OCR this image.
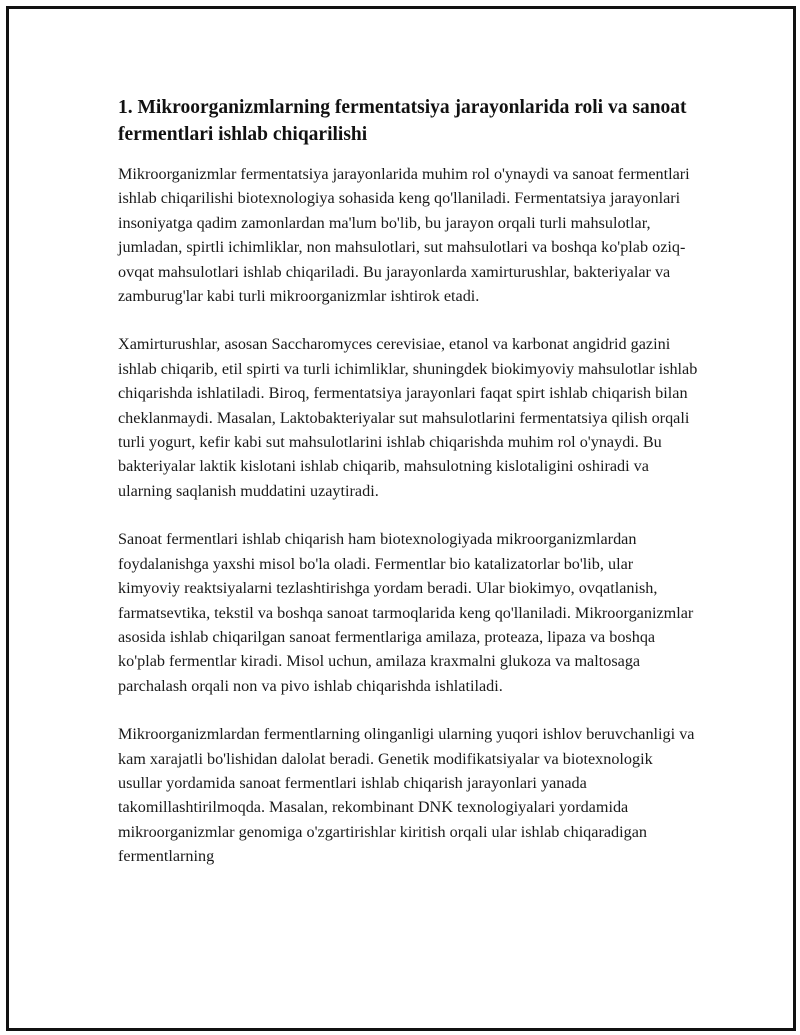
1. Mikroorganizmlarning fermentatsiya jarayonlarida roli va sanoat fermentlari ishlab chiqarilishi

Mikroorganizmlar fermentatsiya jarayonlarida muhim rol o'ynaydi va sanoat fermentlari ishlab chiqarilishi biotexnologiya sohasida keng qo'llaniladi. Fermentatsiya jarayonlari insoniyatga qadim zamonlardan ma'lum bo'lib, bu jarayon orqali turli mahsulotlar, jumladan, spirtli ichimliklar, non mahsulotlari, sut mahsulotlari va boshqa ko'plab oziq-ovqat mahsulotlari ishlab chiqariladi. Bu jarayonlarda xamirturushlar, bakteriyalar va zamburug'lar kabi turli mikroorganizmlar ishtirok etadi.

Xamirturushlar, asosan Saccharomyces cerevisiae, etanol va karbonat angidrid gazini ishlab chiqarib, etil spirti va turli ichimliklar, shuningdek biokimyoviy mahsulotlar ishlab chiqarishda ishlatiladi. Biroq, fermentatsiya jarayonlari faqat spirt ishlab chiqarish bilan cheklanmaydi. Masalan, Laktobakteriyalar sut mahsulotlarini fermentatsiya qilish orqali turli yogurt, kefir kabi sut mahsulotlarini ishlab chiqarishda muhim rol o'ynaydi. Bu bakteriyalar laktik kislotani ishlab chiqarib, mahsulotning kislotaligini oshiradi va ularning saqlanish muddatini uzaytiradi.

Sanoat fermentlari ishlab chiqarish ham biotexnologiyada mikroorganizmlardan foydalanishga yaxshi misol bo'la oladi. Fermentlar bio katalizatorlar bo'lib, ular kimyoviy reaktsiyalarni tezlashtirishga yordam beradi. Ular biokimyo, ovqatlanish, farmatsevtika, tekstil va boshqa sanoat tarmoqlarida keng qo'llaniladi. Mikroorganizmlar asosida ishlab chiqarilgan sanoat fermentlariga amilaza, proteaza, lipaza va boshqa ko'plab fermentlar kiradi. Misol uchun, amilaza kraxmalni glukoza va maltosaga parchalash orqali non va pivo ishlab chiqarishda ishlatiladi.

Mikroorganizmlardan fermentlarning olinganligi ularning yuqori ishlov beruvchanligi va kam xarajatli bo'lishidan dalolat beradi. Genetik modifikatsiyalar va biotexnologik usullar yordamida sanoat fermentlari ishlab chiqarish jarayonlari yanada takomillashtirilmoqda. Masalan, rekombinant DNK texnologiyalari yordamida mikroorganizmlar genomiga o'zgartirishlar kiritish orqali ular ishlab chiqaradigan fermentlarning
